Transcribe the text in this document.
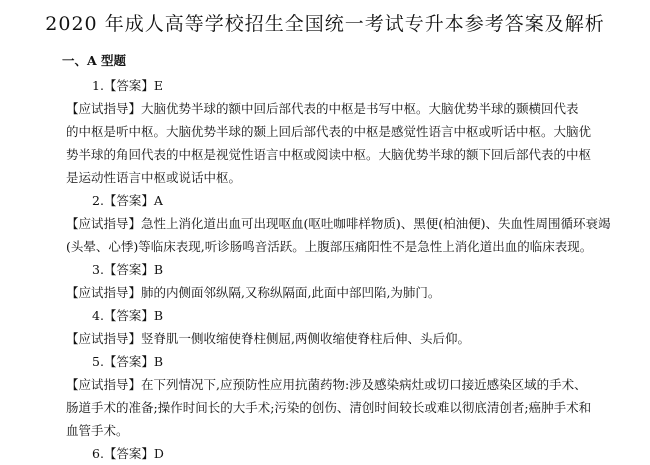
2020 年成人高等学校招生全国统一考试专升本参考答案及解析
一、A 型题
1.【答案】E
【应试指导】大脑优势半球的额中回后部代表的中枢是书写中枢。大脑优势半球的颞横回代表
的中枢是听中枢。大脑优势半球的颞上回后部代表的中枢是感觉性语言中枢或听话中枢。大脑优
势半球的角回代表的中枢是视觉性语言中枢或阅读中枢。大脑优势半球的额下回后部代表的中枢
是运动性语言中枢或说话中枢。
2.【答案】A
【应试指导】急性上消化道出血可出现呕血(呕吐咖啡样物质)、黑便(柏油便)、失血性周围循环衰竭
(头晕、心悸)等临床表现,听诊肠鸣音活跃。上腹部压痛阳性不是急性上消化道出血的临床表现。
3.【答案】B
【应试指导】肺的内侧面邻纵隔,又称纵隔面,此面中部凹陷,为肺门。
4.【答案】B
【应试指导】竖脊肌一侧收缩使脊柱侧屈,两侧收缩使脊柱后伸、头后仰。
5.【答案】B
【应试指导】在下列情况下,应预防性应用抗菌药物:涉及感染病灶或切口接近感染区域的手术、
肠道手术的准备;操作时间长的大手术;污染的创伤、清创时间较长或难以彻底清创者;癌肿手术和
血管手术。
6.【答案】D
